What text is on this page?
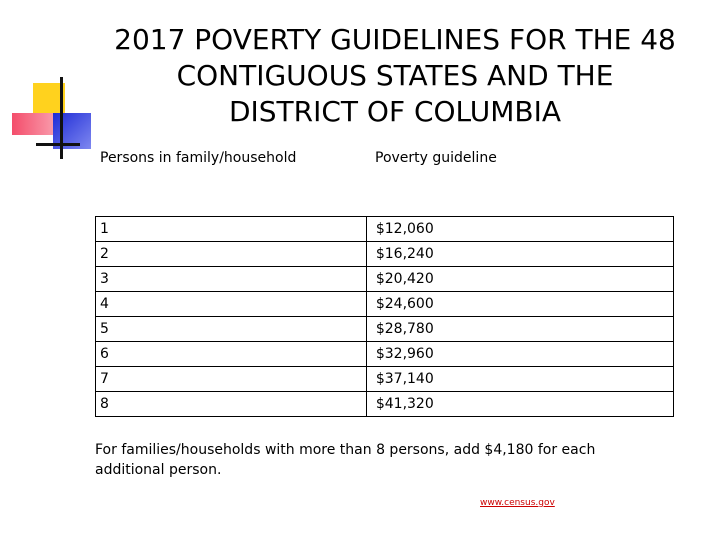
2017 POVERTY GUIDELINES FOR THE 48
CONTIGUOUS STATES AND THE
DISTRICT OF COLUMBIA
Persons in family/household	Poverty guideline
1	$12,060
2	$16,240
3	$20,420
4	$24,600
5	$28,780
6	$32,960
7	$37,140
8	$41,320
For families/households with more than 8 persons, add $4,180 for each additional person.
www.census.gov
